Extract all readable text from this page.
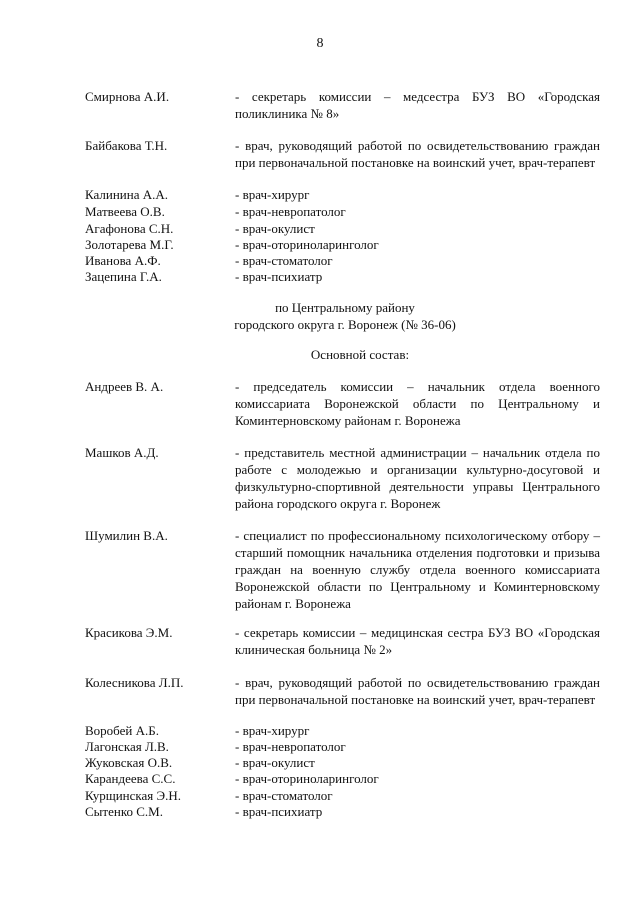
8
Смирнова А.И.	- секретарь комиссии – медсестра БУЗ ВО «Городская поликлиника № 8»
Байбакова Т.Н.	- врач, руководящий работой по освидетельствованию граждан при первоначальной постановке на воинский учет, врач-терапевт
Калинина А.А.	- врач-хирург
Матвеева О.В.	- врач-невропатолог
Агафонова С.Н.	- врач-окулист
Золотарева М.Г.	- врач-оториноларинголог
Иванова А.Ф.	- врач-стоматолог
Зацепина Г.А.	- врач-психиатр
по Центральному району
городского округа г. Воронеж (№ 36-06)
Основной состав:
Андреев В. А.	- председатель комиссии – начальник отдела военного комиссариата Воронежской области по Центральному и Коминтерновскому районам г. Воронежа
Машков А.Д.	- представитель местной администрации – начальник отдела по работе с молодежью и организации культурно-досуговой и физкультурно-спортивной деятельности управы Центрального района городского округа г. Воронеж
Шумилин В.А.	- специалист по профессиональному психологическому отбору – старший помощник начальника отделения подготовки и призыва граждан на военную службу отдела военного комиссариата Воронежской области по Центральному и Коминтерновскому районам г. Воронежа
Красикова Э.М.	- секретарь комиссии – медицинская сестра БУЗ ВО «Городская клиническая больница № 2»
Колесникова Л.П.	- врач, руководящий работой по освидетельствованию граждан при первоначальной постановке на воинский учет, врач-терапевт
Воробей А.Б.	- врач-хирург
Лагонская Л.В.	- врач-невропатолог
Жуковская О.В.	- врач-окулист
Карандеева С.С.	- врач-оториноларинголог
Курщинская Э.Н.	- врач-стоматолог
Сытенко С.М.	- врач-психиатр
